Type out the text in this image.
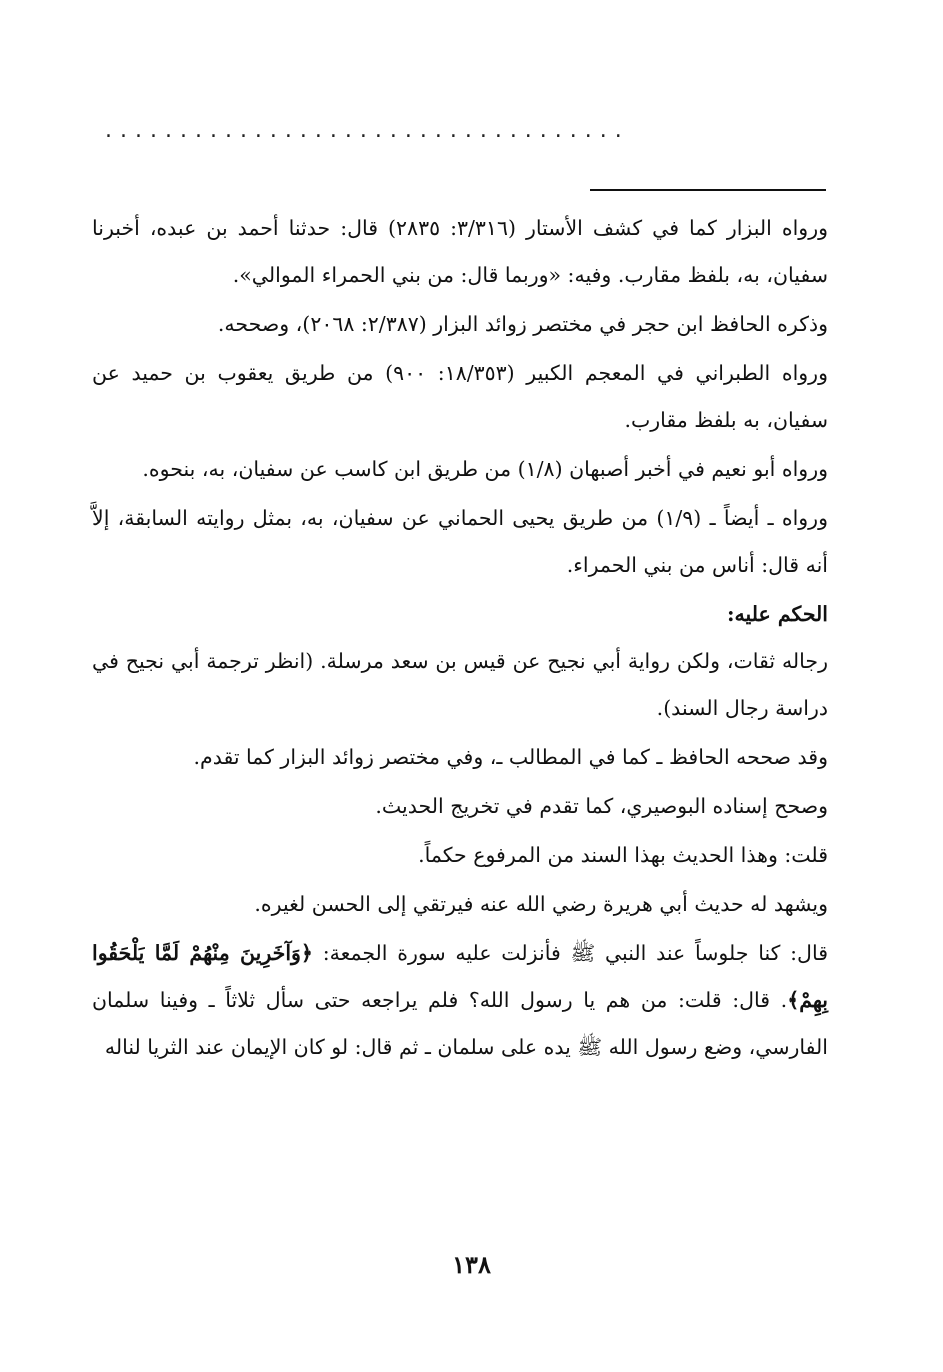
...................................

ورواه البزار كما في كشف الأستار (٣/٣١٦: ٢٨٣٥) قال: حدثنا أحمد بن عبده، أخبرنا سفيان، به، بلفظ مقارب. وفيه: «وربما قال: من بني الحمراء الموالي».

وذكره الحافظ ابن حجر في مختصر زوائد البزار (٢/٣٨٧: ٢٠٦٨)، وصححه.

ورواه الطبراني في المعجم الكبير (١٨/٣٥٣: ٩٠٠) من طريق يعقوب بن حميد عن سفيان، به بلفظ مقارب.

ورواه أبو نعيم في أخبر أصبهان (١/٨) من طريق ابن كاسب عن سفيان، به، بنحوه.

ورواه ـ أيضاً ـ (١/٩) من طريق يحيى الحماني عن سفيان، به، بمثل روايته السابقة، إلاَّ أنه قال: أناس من بني الحمراء.

الحكم عليه:

رجاله ثقات، ولكن رواية أبي نجيح عن قيس بن سعد مرسلة. (انظر ترجمة أبي نجيح في دراسة رجال السند).

وقد صححه الحافظ ـ كما في المطالب ـ، وفي مختصر زوائد البزار كما تقدم.

وصحح إسناده البوصيري، كما تقدم في تخريج الحديث.

قلت: وهذا الحديث بهذا السند من المرفوع حكماً.

ويشهد له حديث أبي هريرة رضي الله عنه فيرتقي إلى الحسن لغيره.

قال: كنا جلوساً عند النبي ﷺ فأنزلت عليه سورة الجمعة: ﴿وَآخَرِينَ مِنْهُمْ لَمَّا يَلْحَقُوا بِهِمْ﴾. قال: قلت: من هم يا رسول الله؟ فلم يراجعه حتى سأل ثلاثاً ـ وفينا سلمان الفارسي، وضع رسول الله ﷺ يده على سلمان ـ ثم قال: لو كان الإيمان عند الثريا لناله

١٣٨
